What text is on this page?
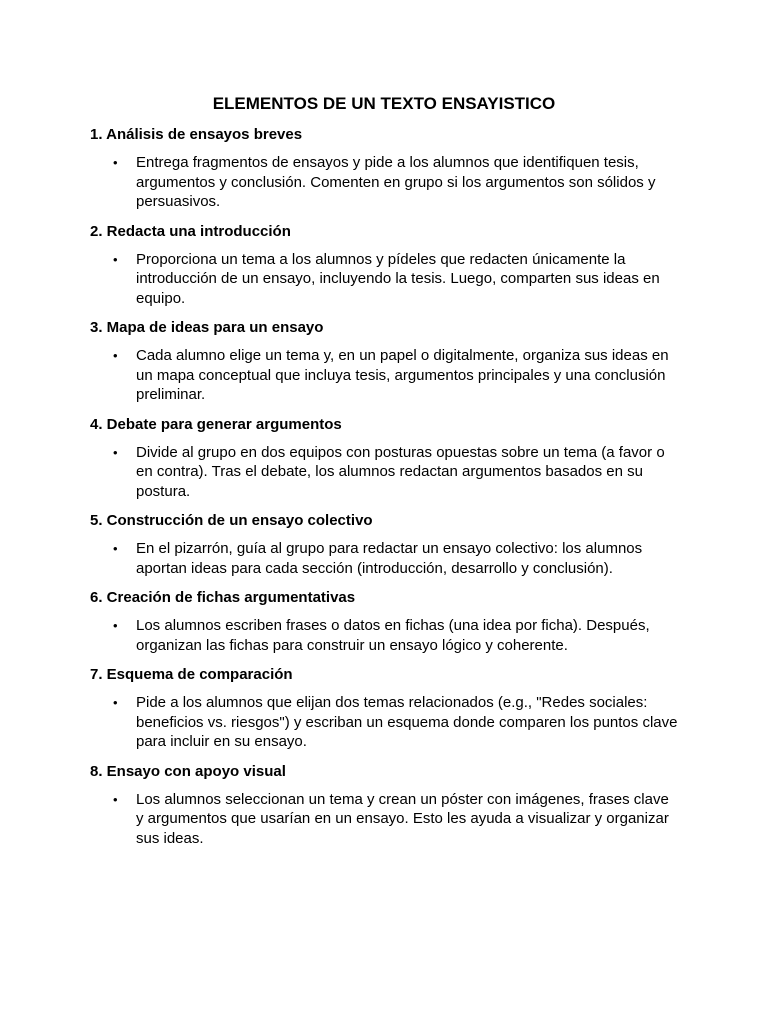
ELEMENTOS DE UN TEXTO ENSAYISTICO

1. Análisis de ensayos breves

• Entrega fragmentos de ensayos y pide a los alumnos que identifiquen tesis, argumentos y conclusión. Comenten en grupo si los argumentos son sólidos y persuasivos.

2. Redacta una introducción

• Proporciona un tema a los alumnos y pídeles que redacten únicamente la introducción de un ensayo, incluyendo la tesis. Luego, comparten sus ideas en equipo.

3. Mapa de ideas para un ensayo

• Cada alumno elige un tema y, en un papel o digitalmente, organiza sus ideas en un mapa conceptual que incluya tesis, argumentos principales y una conclusión preliminar.

4. Debate para generar argumentos

• Divide al grupo en dos equipos con posturas opuestas sobre un tema (a favor o en contra). Tras el debate, los alumnos redactan argumentos basados en su postura.

5. Construcción de un ensayo colectivo

• En el pizarrón, guía al grupo para redactar un ensayo colectivo: los alumnos aportan ideas para cada sección (introducción, desarrollo y conclusión).

6. Creación de fichas argumentativas

• Los alumnos escriben frases o datos en fichas (una idea por ficha). Después, organizan las fichas para construir un ensayo lógico y coherente.

7. Esquema de comparación

• Pide a los alumnos que elijan dos temas relacionados (e.g., "Redes sociales: beneficios vs. riesgos") y escriban un esquema donde comparen los puntos clave para incluir en su ensayo.

8. Ensayo con apoyo visual

• Los alumnos seleccionan un tema y crean un póster con imágenes, frases clave y argumentos que usarían en un ensayo. Esto les ayuda a visualizar y organizar sus ideas.
